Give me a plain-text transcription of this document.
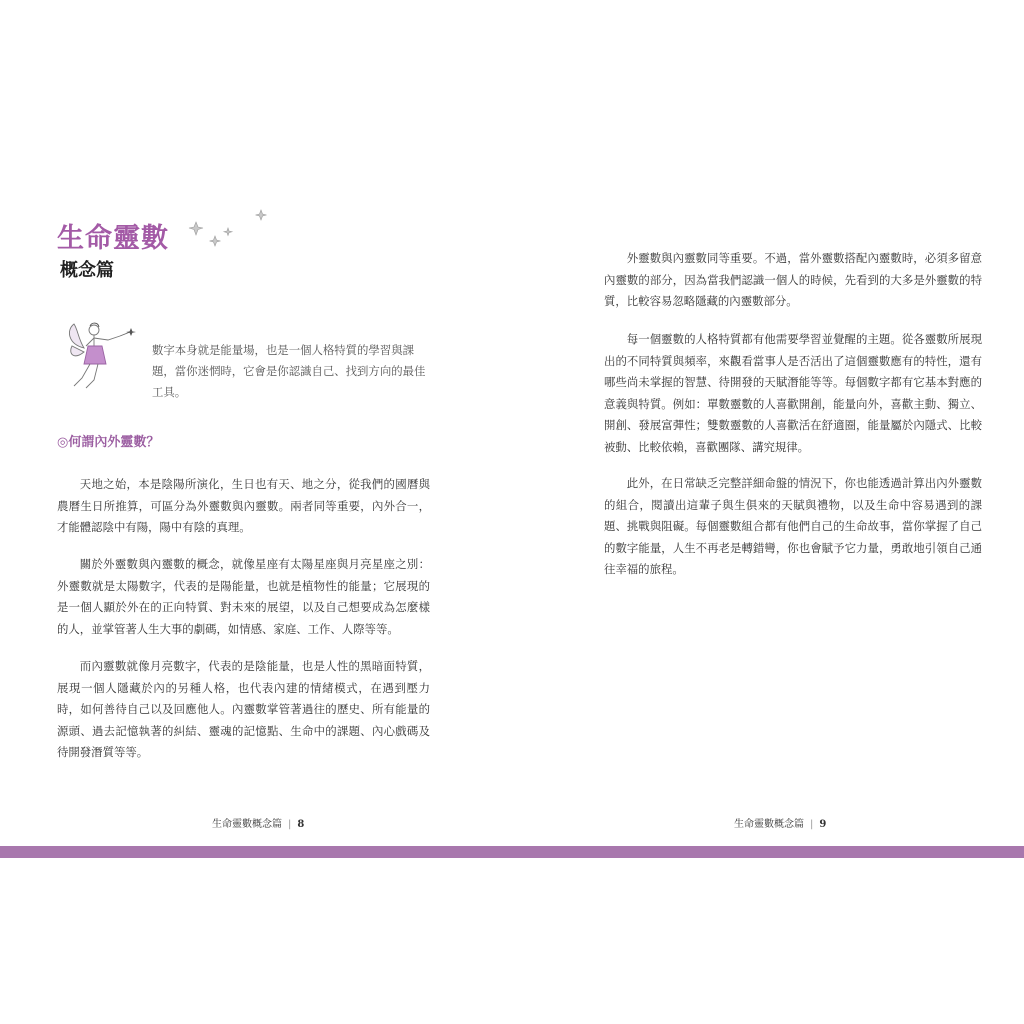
生命靈數
概念篇

數字本身就是能量場，也是一個人格特質的學習與課題，當你迷惘時，它會是你認識自己、找到方向的最佳工具。

◎何謂內外靈數？

天地之始，本是陰陽所演化，生日也有天、地之分，從我們的國曆與農曆生日所推算，可區分為外靈數與內靈數。兩者同等重要，內外合一，才能體認陰中有陽，陽中有陰的真理。

關於外靈數與內靈數的概念，就像星座有太陽星座與月亮星座之別：外靈數就是太陽數字，代表的是陽能量，也就是植物性的能量；它展現的是一個人顯於外在的正向特質、對未來的展望，以及自己想要成為怎麼樣的人，並掌管著人生大事的劇碼，如情感、家庭、工作、人際等等。

而內靈數就像月亮數字，代表的是陰能量，也是人性的黑暗面特質，展現一個人隱藏於內的另種人格，也代表內建的情緒模式，在遇到壓力時，如何善待自己以及回應他人。內靈數掌管著過往的歷史、所有能量的源頭、過去記憶執著的糾結、靈魂的記憶點、生命中的課題、內心戲碼及待開發潛質等等。

生命靈數概念篇 | 8

外靈數與內靈數同等重要。不過，當外靈數搭配內靈數時，必須多留意內靈數的部分，因為當我們認識一個人的時候，先看到的大多是外靈數的特質，比較容易忽略隱藏的內靈數部分。

每一個靈數的人格特質都有他需要學習並覺醒的主題。從各靈數所展現出的不同特質與頻率，來觀看當事人是否活出了這個靈數應有的特性，還有哪些尚未掌握的智慧、待開發的天賦潛能等等。每個數字都有它基本對應的意義與特質。例如：單數靈數的人喜歡開創，能量向外，喜歡主動、獨立、開創、發展富彈性；雙數靈數的人喜歡活在舒適圈，能量屬於內隱式、比較被動、比較依賴，喜歡團隊、講究規律。

此外，在日常缺乏完整詳細命盤的情況下，你也能透過計算出內外靈數的組合，閱讀出這輩子與生俱來的天賦與禮物，以及生命中容易遇到的課題、挑戰與阻礙。每個靈數組合都有他們自己的生命故事，當你掌握了自己的數字能量，人生不再老是轉錯彎，你也會賦予它力量，勇敢地引領自己通往幸福的旅程。

生命靈數概念篇 | 9
